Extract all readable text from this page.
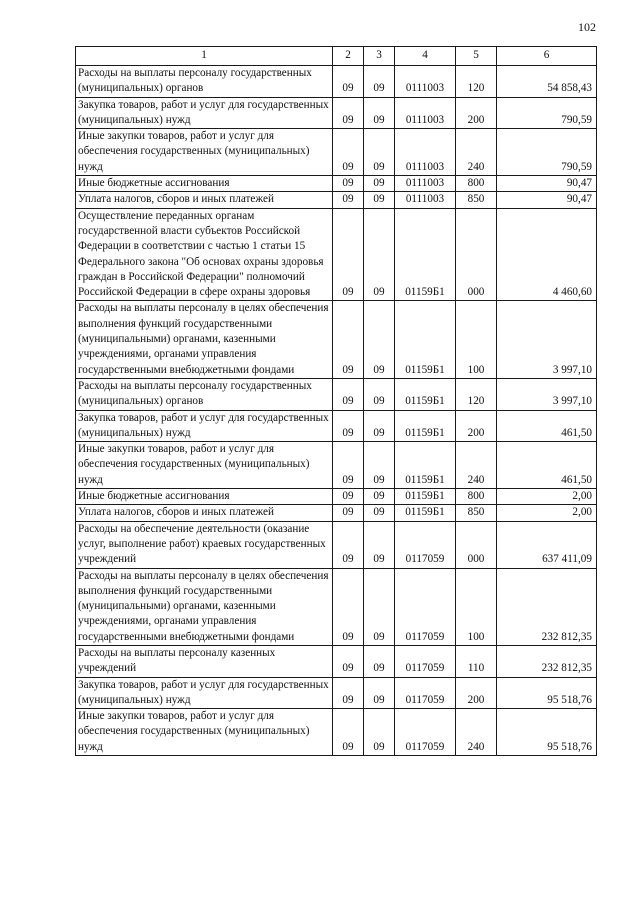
102
1	2	3	4	5	6
Расходы на выплаты персоналу государственных (муниципальных) органов	09	09	0111003	120	54 858,43
Закупка товаров, работ и услуг для государственных (муниципальных) нужд	09	09	0111003	200	790,59
Иные закупки товаров, работ и услуг для обеспечения государственных (муниципальных) нужд	09	09	0111003	240	790,59
Иные бюджетные ассигнования	09	09	0111003	800	90,47
Уплата налогов, сборов и иных платежей	09	09	0111003	850	90,47
Осуществление переданных органам государственной власти субъектов Российской Федерации в соответствии с частью 1 статьи 15 Федерального закона "Об основах охраны здоровья граждан в Российской Федерации" полномочий Российской Федерации в сфере охраны здоровья	09	09	01159Б1	000	4 460,60
Расходы на выплаты персоналу в целях обеспечения выполнения функций государственными (муниципальными) органами, казенными учреждениями, органами управления государственными внебюджетными фондами	09	09	01159Б1	100	3 997,10
Расходы на выплаты персоналу государственных (муниципальных) органов	09	09	01159Б1	120	3 997,10
Закупка товаров, работ и услуг для государственных (муниципальных) нужд	09	09	01159Б1	200	461,50
Иные закупки товаров, работ и услуг для обеспечения государственных (муниципальных) нужд	09	09	01159Б1	240	461,50
Иные бюджетные ассигнования	09	09	01159Б1	800	2,00
Уплата налогов, сборов и иных платежей	09	09	01159Б1	850	2,00
Расходы на обеспечение деятельности (оказание услуг, выполнение работ) краевых государственных учреждений	09	09	0117059	000	637 411,09
Расходы на выплаты персоналу в целях обеспечения выполнения функций государственными (муниципальными) органами, казенными учреждениями, органами управления государственными внебюджетными фондами	09	09	0117059	100	232 812,35
Расходы на выплаты персоналу казенных учреждений	09	09	0117059	110	232 812,35
Закупка товаров, работ и услуг для государственных (муниципальных) нужд	09	09	0117059	200	95 518,76
Иные закупки товаров, работ и услуг для обеспечения государственных (муниципальных) нужд	09	09	0117059	240	95 518,76
